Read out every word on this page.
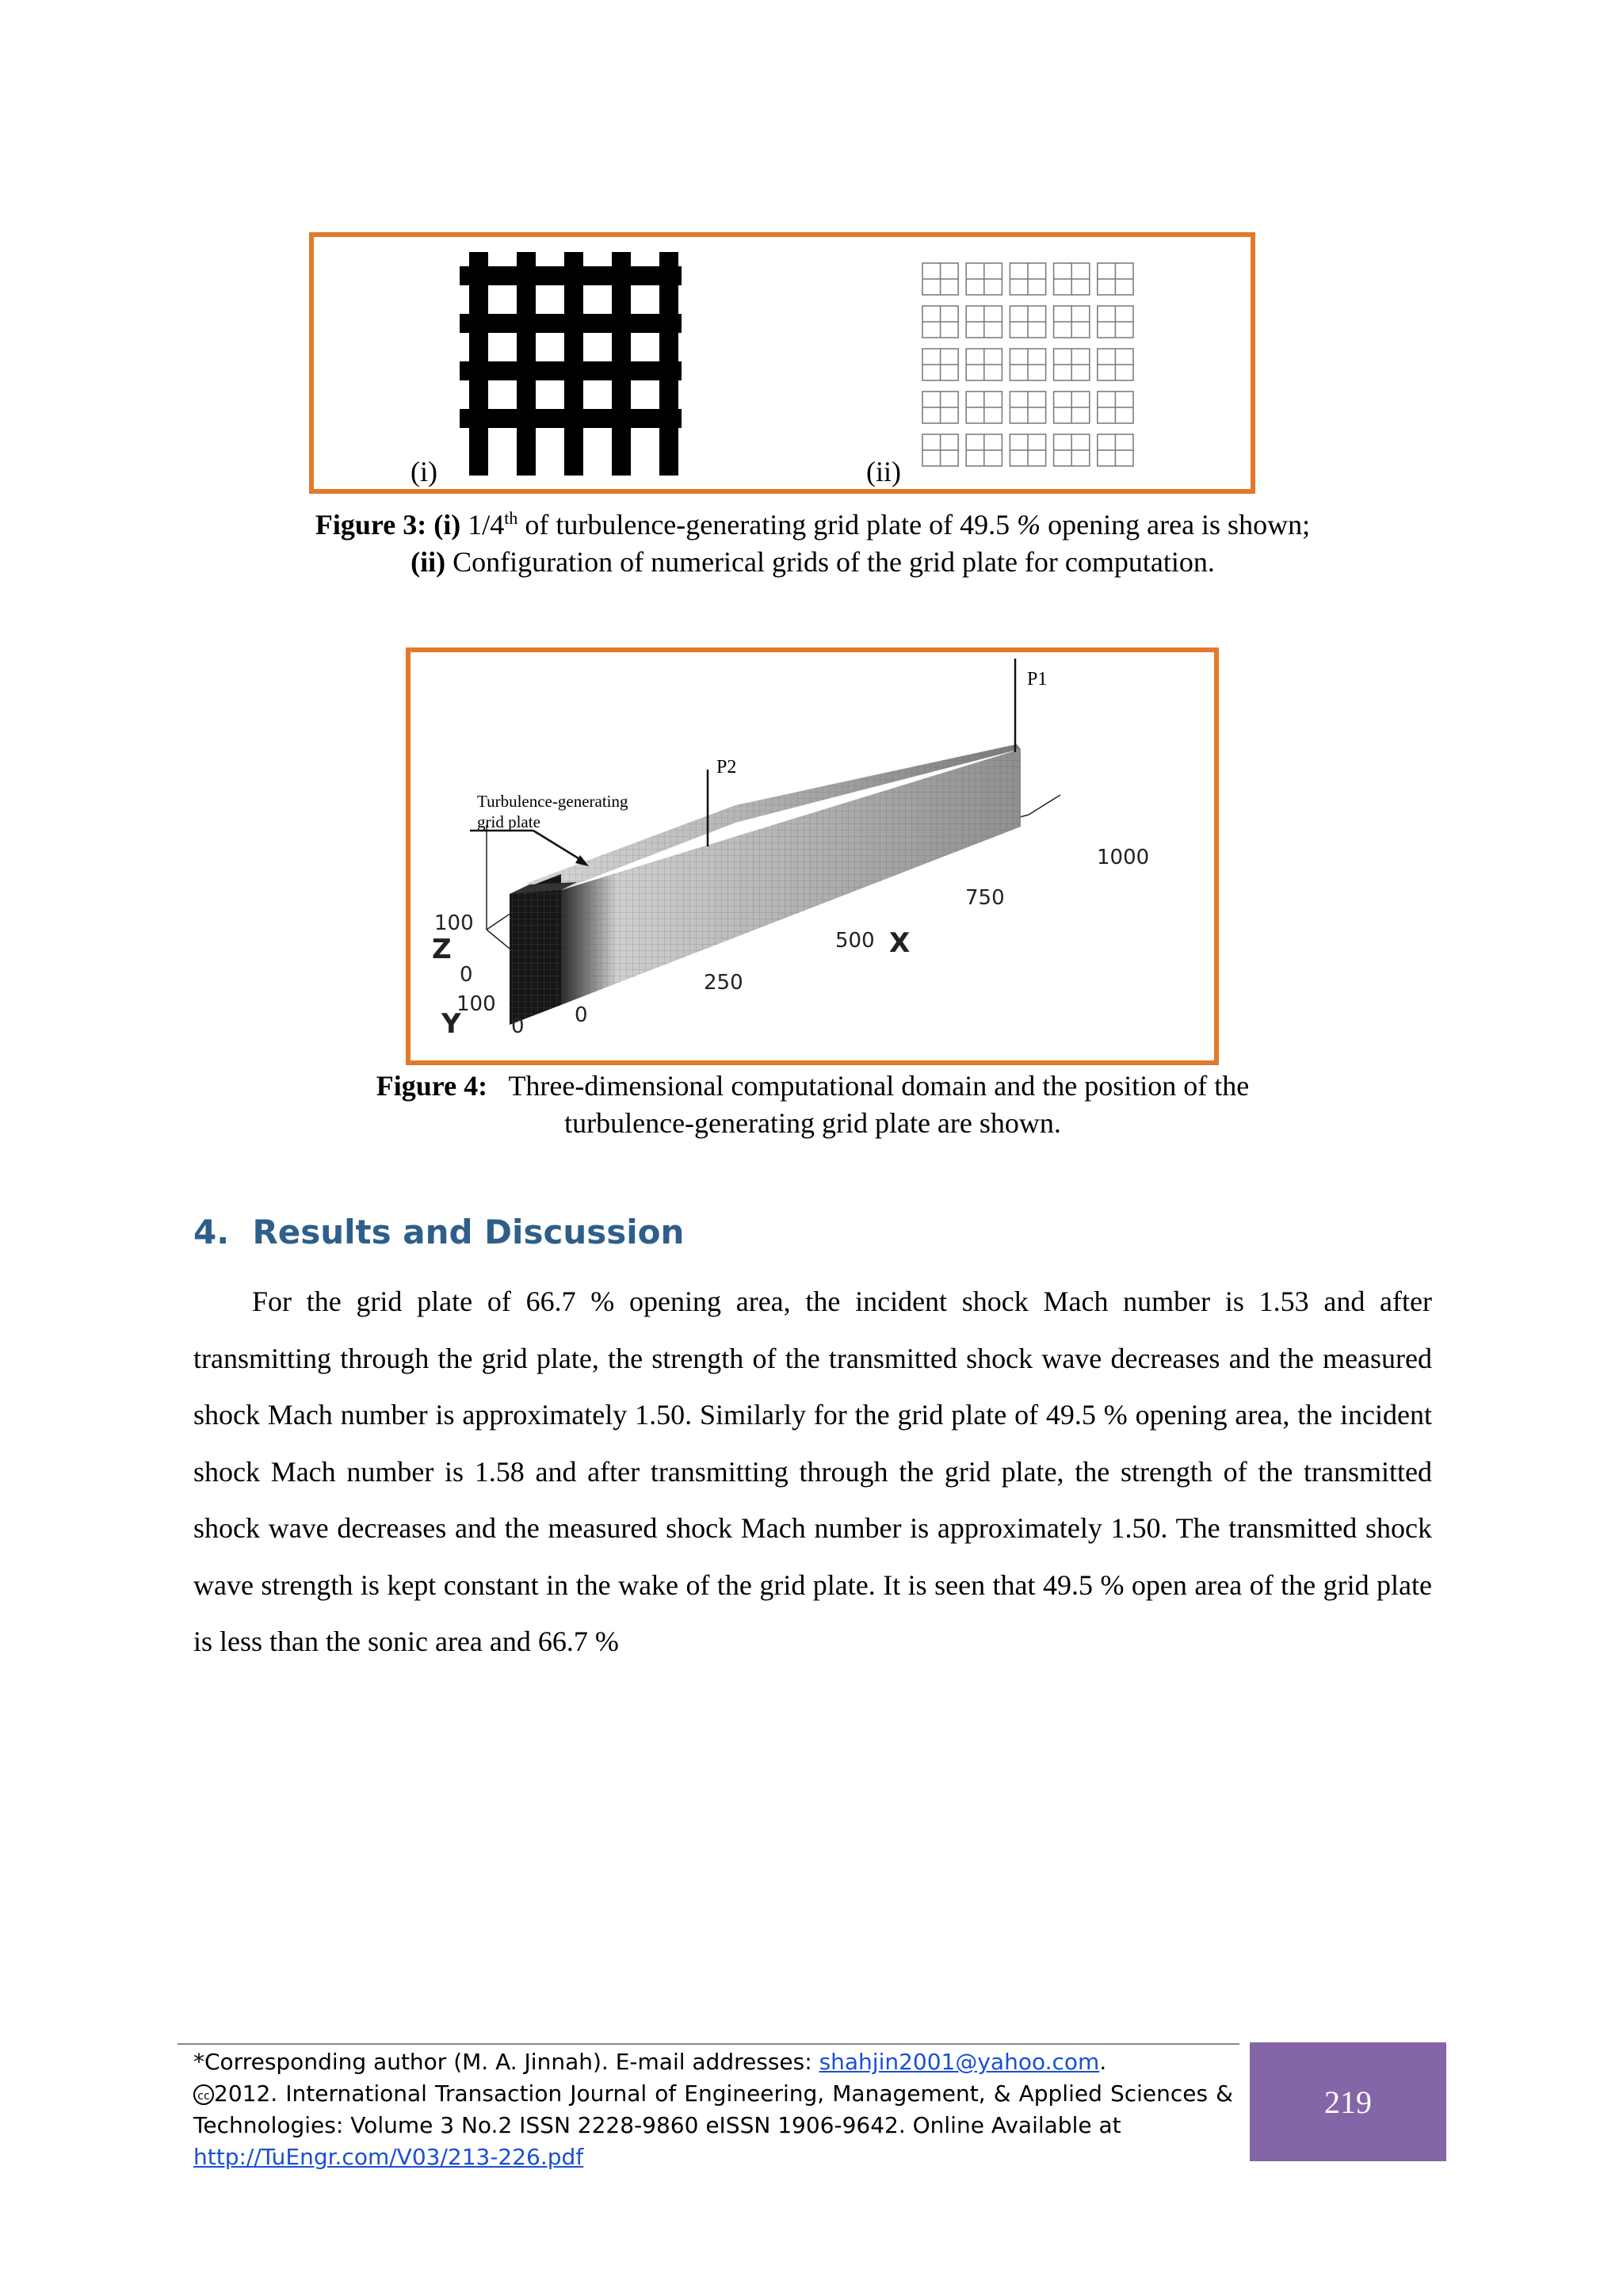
(i)	(ii)
Figure 3: (i) 1/4th of turbulence-generating grid plate of 49.5 % opening area is shown;
(ii) Configuration of numerical grids of the grid plate for computation.
P1
P2
Turbulence-generating
grid plate
0
250
500
750
1000
X
100
0
Z
100
0
Y
Figure 4: Three-dimensional computational domain and the position of the
turbulence-generating grid plate are shown.
4. Results and Discussion

For the grid plate of 66.7 % opening area, the incident shock Mach number is 1.53 and after transmitting through the grid plate, the strength of the transmitted shock wave decreases and the measured shock Mach number is approximately 1.50. Similarly for the grid plate of 49.5 % opening area, the incident shock Mach number is 1.58 and after transmitting through the grid plate, the strength of the transmitted shock wave decreases and the measured shock Mach number is approximately 1.50. The transmitted shock wave strength is kept constant in the wake of the grid plate. It is seen that 49.5 % open area of the grid plate is less than the sonic area and 66.7 %

*Corresponding author (M. A. Jinnah). E-mail addresses: shahjin2001@yahoo.com.
cc 2012. International Transaction Journal of Engineering, Management, & Applied Sciences & Technologies: Volume 3 No.2 ISSN 2228-9860 eISSN 1906-9642. Online Available at
http://TuEngr.com/V03/213-226.pdf
219
